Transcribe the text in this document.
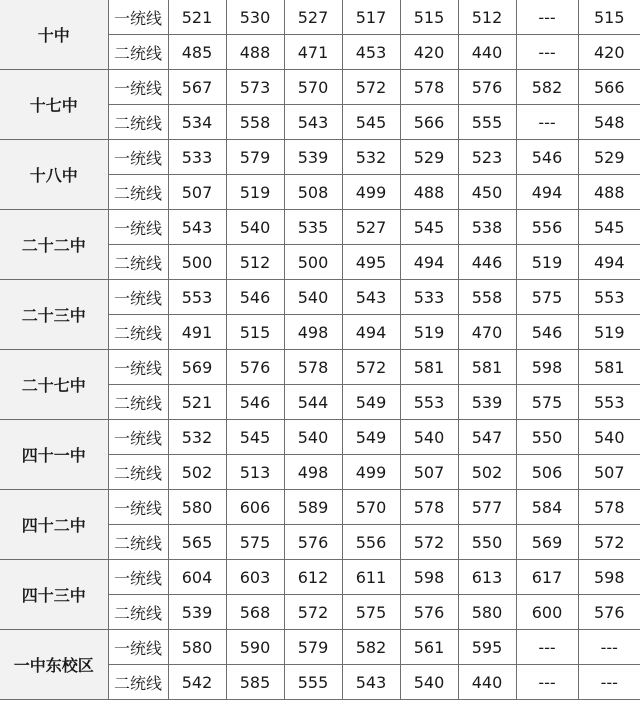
十中	一统线	521	530	527	517	515	512	---	515
	二统线	485	488	471	453	420	440	---	420
十七中	一统线	567	573	570	572	578	576	582	566
	二统线	534	558	543	545	566	555	---	548
十八中	一统线	533	579	539	532	529	523	546	529
	二统线	507	519	508	499	488	450	494	488
二十二中	一统线	543	540	535	527	545	538	556	545
	二统线	500	512	500	495	494	446	519	494
二十三中	一统线	553	546	540	543	533	558	575	553
	二统线	491	515	498	494	519	470	546	519
二十七中	一统线	569	576	578	572	581	581	598	581
	二统线	521	546	544	549	553	539	575	553
四十一中	一统线	532	545	540	549	540	547	550	540
	二统线	502	513	498	499	507	502	506	507
四十二中	一统线	580	606	589	570	578	577	584	578
	二统线	565	575	576	556	572	550	569	572
四十三中	一统线	604	603	612	611	598	613	617	598
	二统线	539	568	572	575	576	580	600	576
一中东校区	一统线	580	590	579	582	561	595	---	---
	二统线	542	585	555	543	540	440	---	---
